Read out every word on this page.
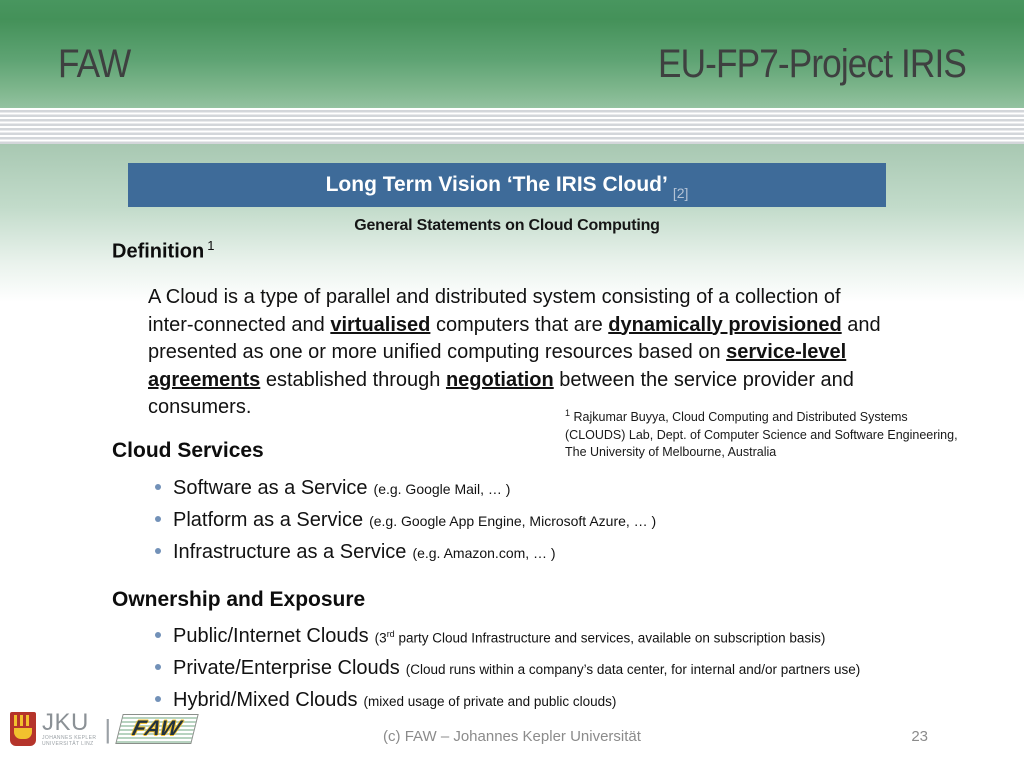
FAW	EU-FP7-Project IRIS
Long Term Vision ‘The IRIS Cloud’ [2]
General Statements on Cloud Computing
Definition $^1$
A Cloud is a type of parallel and distributed system consisting of a collection of
inter-connected and virtualised computers that are dynamically provisioned and
presented as one or more unified computing resources based on service-level
agreements established through negotiation between the service provider and
consumers.	$^1$ Rajkumar Buyya, Cloud Computing and Distributed Systems
(CLOUDS) Lab, Dept. of Computer Science and Software Engineering,
The University of Melbourne, Australia
Cloud Services
Software as a Service (e.g. Google Mail, … )
Platform as a Service (e.g. Google App Engine, Microsoft Azure, … )
Infrastructure as a Service (e.g. Amazon.com, … )
Ownership and Exposure
Public/Internet Clouds (3rd party Cloud Infrastructure and services, available on subscription basis)
Private/Enterprise Clouds (Cloud runs within a company’s data center, for internal and/or partners use)
Hybrid/Mixed Clouds (mixed usage of private and public clouds)
JKU
JOHANNES KEPLER
UNIVERSITÄT LINZ
| FAW	(c) FAW – Johannes Kepler Universität	23
